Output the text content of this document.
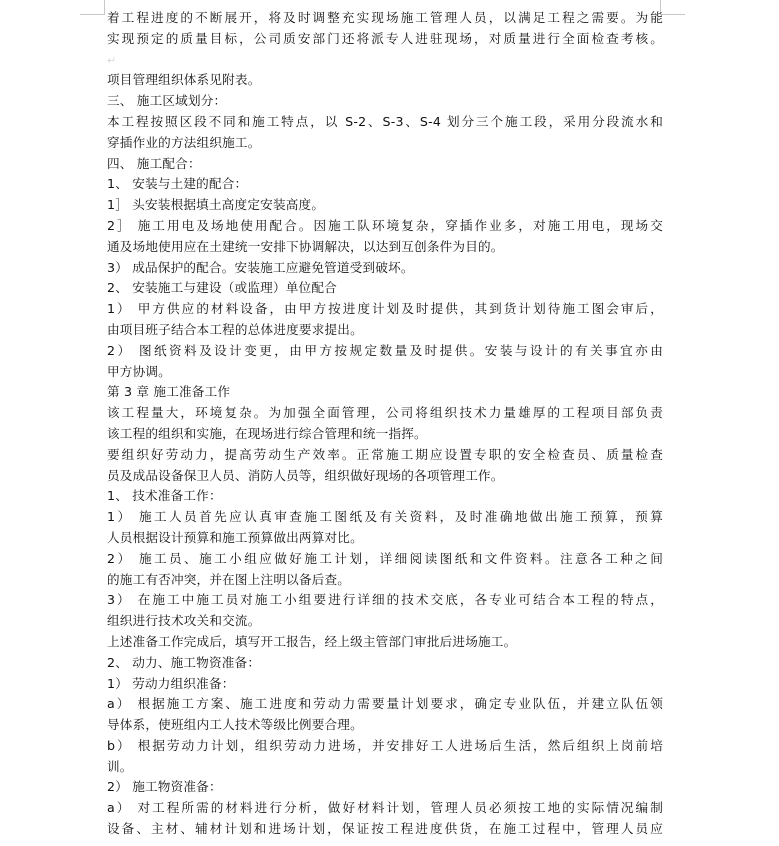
着工程进度的不断展开，将及时调整充实现场施工管理人员，以满足工程之需要。为能
实现预定的质量目标，公司质安部门还将派专人进驻现场，对质量进行全面检查考核。
↵
项目管理组织体系见附表。
三、 施工区域划分：
本工程按照区段不同和施工特点，以 S-2、S-3、S-4 划分三个施工段，采用分段流水和
穿插作业的方法组织施工。
四、 施工配合：
1、 安装与土建的配合：
1］ 头安装根据填土高度定安装高度。
2］ 施工用电及场地使用配合。因施工队环境复杂，穿插作业多，对施工用电，现场交
通及场地使用应在土建统一安排下协调解决，以达到互创条件为目的。
3） 成品保护的配合。安装施工应避免管道受到破坏。
2、 安装施工与建设（或监理）单位配合
1） 甲方供应的材料设备，由甲方按进度计划及时提供，其到货计划待施工图会审后，
由项目班子结合本工程的总体进度要求提出。
2） 图纸资料及设计变更，由甲方按规定数量及时提供。安装与设计的有关事宜亦由
甲方协调。
第 3 章 施工准备工作
该工程量大，环境复杂。为加强全面管理，公司将组织技术力量雄厚的工程项目部负责
该工程的组织和实施，在现场进行综合管理和统一指挥。
要组织好劳动力，提高劳动生产效率。正常施工期应设置专职的安全检查员、质量检查
员及成品设备保卫人员、消防人员等，组织做好现场的各项管理工作。
1、 技术准备工作：
1） 施工人员首先应认真审查施工图纸及有关资料，及时准确地做出施工预算，预算
人员根据设计预算和施工预算做出两算对比。
2） 施工员、施工小组应做好施工计划，详细阅读图纸和文件资料。注意各工种之间
的施工有否冲突，并在图上注明以备后查。
3） 在施工中施工员对施工小组要进行详细的技术交底，各专业可结合本工程的特点，
组织进行技术攻关和交流。
上述准备工作完成后，填写开工报告，经上级主管部门审批后进场施工。
2、 动力、施工物资准备：
1） 劳动力组织准备：
a） 根据施工方案、施工进度和劳动力需要量计划要求，确定专业队伍，并建立队伍领
导体系，使班组内工人技术等级比例要合理。
b） 根据劳动力计划，组织劳动力进场，并安排好工人进场后生活，然后组织上岗前培
训。
2） 施工物资准备：
a） 对工程所需的材料进行分析，做好材料计划，管理人员必须按工地的实际情况编制
设备、主材、辅材计划和进场计划，保证按工程进度供货，在施工过程中，管理人员应
